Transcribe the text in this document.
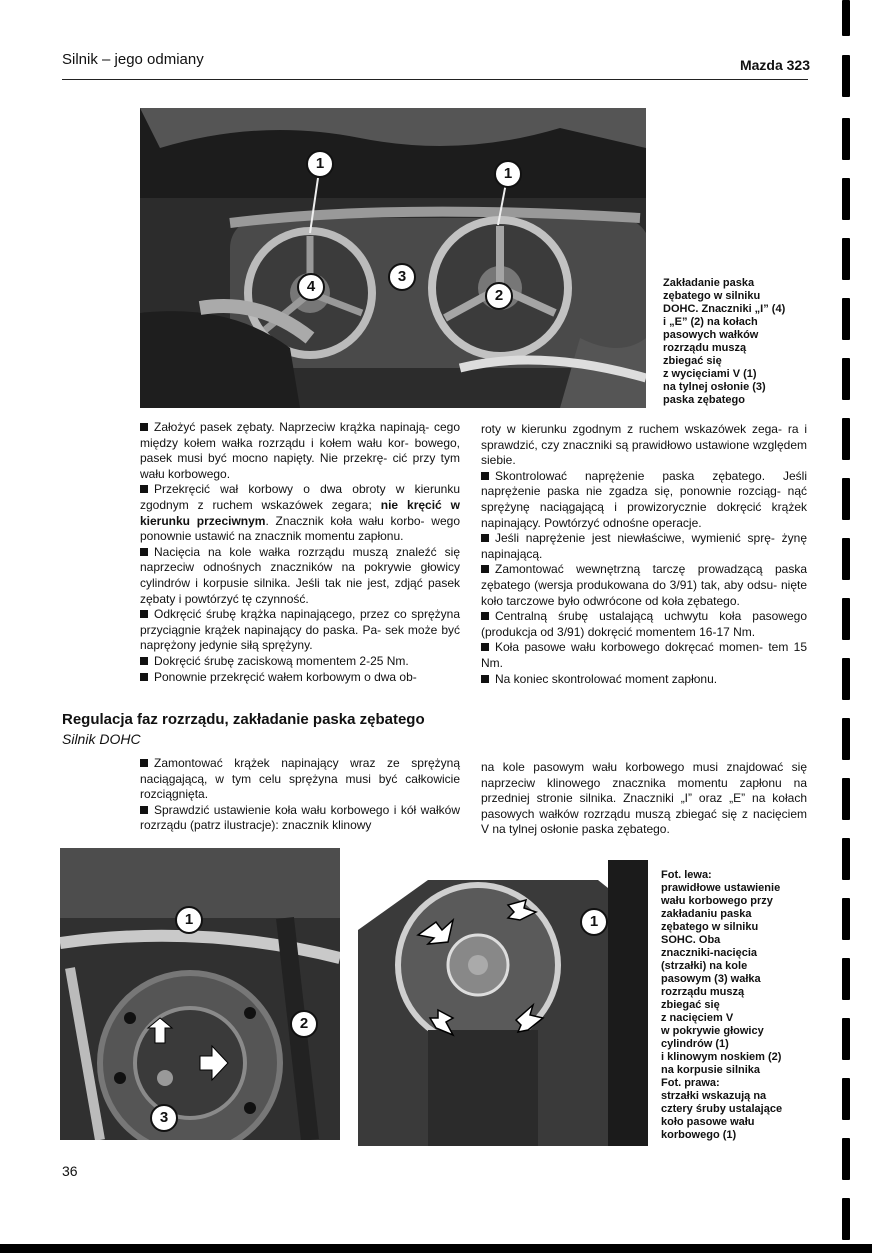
Silnik – jego odmiany	Mazda 323
1
1
4
3
2
Zakładanie paska
zębatego w silniku
DOHC. Znaczniki „I” (4)
i „E” (2) na kołach
pasowych wałków
rozrządu muszą
zbiegać się
z wycięciami V (1)
na tylnej osłonie (3)
paska zębatego

Założyć pasek zębaty. Naprzeciw krążka napinają- cego między kołem wałka rozrządu i kołem wału kor- bowego, pasek musi być mocno napięty. Nie przekrę- cić przy tym wału korbowego.

Przekręcić wał korbowy o dwa obroty w kierunku zgodnym z ruchem wskazówek zegara; nie kręcić w kierunku przeciwnym. Znacznik koła wału korbo- wego ponownie ustawić na znacznik momentu zapłonu.

Nacięcia na kole wałka rozrządu muszą znaleźć się naprzeciw odnośnych znaczników na pokrywie głowicy cylindrów i korpusie silnika. Jeśli tak nie jest, zdjąć pasek zębaty i powtórzyć tę czynność.

Odkręcić śrubę krążka napinającego, przez co sprężyna przyciągnie krążek napinający do paska. Pa- sek może być naprężony jedynie siłą sprężyny.

Dokręcić śrubę zaciskową momentem 2-25 Nm.

Ponownie przekręcić wałem korbowym o dwa ob-

roty w kierunku zgodnym z ruchem wskazówek zega- ra i sprawdzić, czy znaczniki są prawidłowo ustawione względem siebie.

Skontrolować naprężenie paska zębatego. Jeśli naprężenie paska nie zgadza się, ponownie rozciąg- nąć sprężynę naciągającą i prowizorycznie dokręcić krążek napinający. Powtórzyć odnośne operacje.

Jeśli naprężenie jest niewłaściwe, wymienić sprę- żynę napinającą.

Zamontować wewnętrzną tarczę prowadzącą paska zębatego (wersja produkowana do 3/91) tak, aby odsu- nięte koło tarczowe było odwrócone od koła zębatego.

Centralną śrubę ustalającą uchwytu koła pasowego (produkcja od 3/91) dokręcić momentem 16-17 Nm.

Koła pasowe wału korbowego dokręcać momen- tem 15 Nm.

Na koniec skontrolować moment zapłonu.

Regulacja faz rozrządu, zakładanie paska zębatego
Silnik DOHC

Zamontować krążek napinający wraz ze sprężyną naciągającą, w tym celu sprężyna musi być całkowicie rozciągnięta.

Sprawdzić ustawienie koła wału korbowego i kół wałków rozrządu (patrz ilustracje): znacznik klinowy

na kole pasowym wału korbowego musi znajdować się naprzeciw klinowego znacznika momentu zapłonu na przedniej stronie silnika. Znaczniki „I” oraz „E” na kołach pasowych wałków rozrządu muszą zbiegać się z nacięciem V na tylnej osłonie paska zębatego.

1
2
3
1
Fot. lewa:
prawidłowe ustawienie
wału korbowego przy
zakładaniu paska
zębatego w silniku
SOHC. Oba
znaczniki-nacięcia
(strzałki) na kole
pasowym (3) wałka
rozrządu muszą
zbiegać się
z nacięciem V
w pokrywie głowicy
cylindrów (1)
i klinowym noskiem (2)
na korpusie silnika
Fot. prawa:
strzałki wskazują na
cztery śruby ustalające
koło pasowe wału
korbowego (1)
36
